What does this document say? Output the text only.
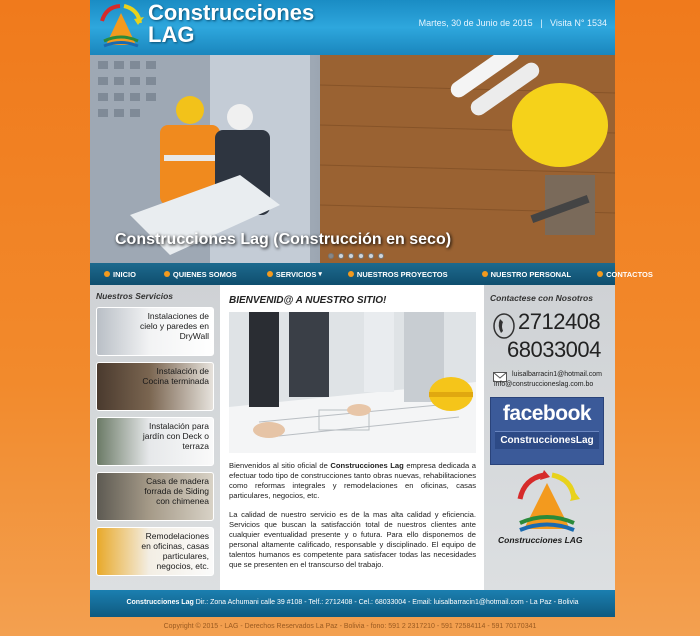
Construcciones
LAG	Martes, 30 de Junio de 2015   |   Visita N° 1534
Construcciones Lag (Construcción en seco)
INICIO	QUIENES SOMOS	SERVICIOS ▾	NUESTROS PROYECTOS	NUESTRO PERSONAL	CONTACTOS
Nuestros Servicios
Instalaciones de cielo y paredes en DryWall
Instalación de Cocina terminada
Instalación para jardín con Deck o terraza
Casa de madera forrada de Siding con chimenea
Remodelaciones en oficinas, casas particulares, negocios, etc.
BIENVENID@ A NUESTRO SITIO!

Bienvenidos al sitio oficial de Construcciones Lag empresa dedicada a efectuar todo tipo de construcciones tanto obras nuevas, rehabilitaciones como reformas integrales y remodelaciones en oficinas, casas particulares, negocios, etc.

La calidad de nuestro servicio es de la mas alta calidad y eficiencia. Servicios que buscan la satisfacción total de nuestros clientes ante cualquier eventualidad presente y o futura. Para ello disponemos de personal altamente calificado, responsable y disciplinado. El equipo de talentos humanos es competente para satisfacer todas las necesidades que se presenten en el transcurso del trabajo.

Contactese con Nosotros
2712408
68033004
luisalbarracin1@hotmail.com
info@construccioneslag.com.bo
facebook
ConstruccionesLag
Construcciones LAG
Construcciones Lag Dir.: Zona Achumani calle 39 #108 - Telf.: 2712408 - Cel.: 68033004 - Email: luisalbarracin1@hotmail.com - La Paz - Bolivia
Copyright © 2015 - LAG - Derechos Reservados La Paz - Bolivia - fono: 591 2 2317210 - 591 72584114 - 591 70170341
